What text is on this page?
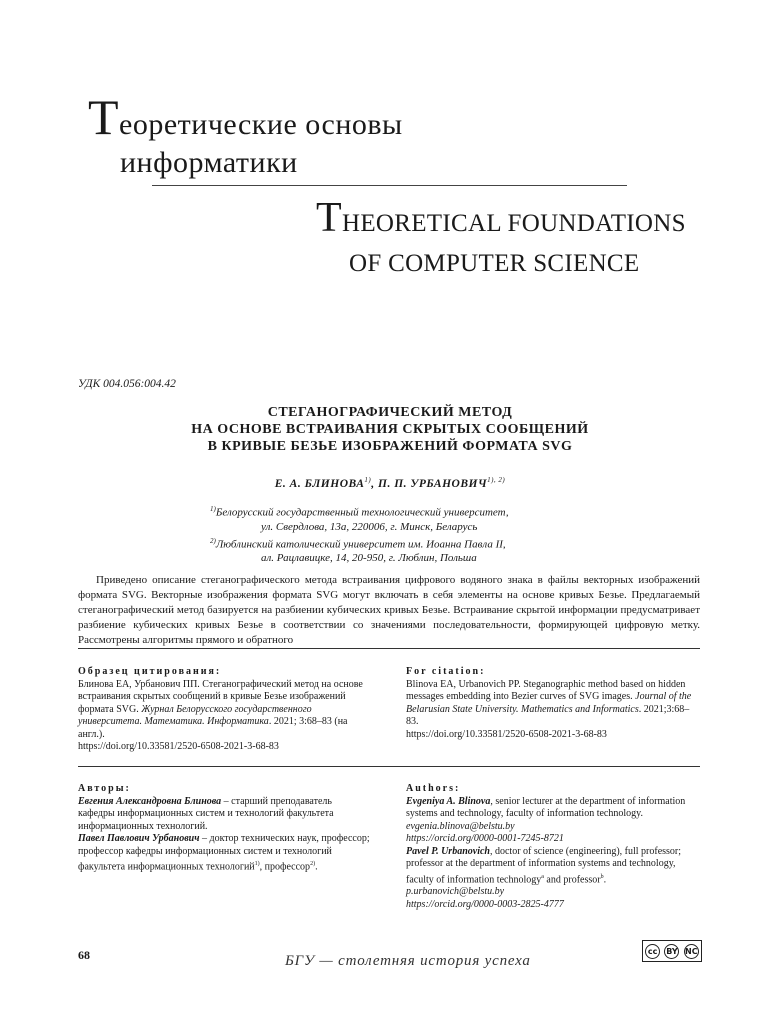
Теоретические основы
информатики
THEORETICAL FOUNDATIONS
OF COMPUTER SCIENCE
УДК 004.056:004.42
СТЕГАНОГРАФИЧЕСКИЙ МЕТОД
НА ОСНОВЕ ВСТРАИВАНИЯ СКРЫТЫХ СООБЩЕНИЙ
В КРИВЫЕ БЕЗЬЕ ИЗОБРАЖЕНИЙ ФОРМАТА SVG
Е. А. БЛИНОВА$^{1)}$, П. П. $УРБАНОВИЧ^{1), 2)}$
$^{1)}$Белорусский государственный технологический университет,
ул. Свердлова, 13а, 220006, г. Минск, Беларусь
$^{2)}$Люблинский католический университет им. Иоанна Павла II,
ал. Рацлавицке, 14, 20-950, г. Люблин, Польша
Приведено описание стеганографического метода встраивания цифрового водяного знака в файлы векторных изображений формата SVG. Векторные изображения формата SVG могут включать в себя элементы на основе кривых Безье. Предлагаемый стеганографический метод базируется на разбиении кубических кривых Безье. Встраивание скрытой информации предусматривает разбиение кубических кривых Безье в соответствии со значениями последовательности, формирующей цифровую метку. Рассмотрены алгоритмы прямого и обратного
Образец цитирования:
Блинова ЕА, Урбанович ПП. Стеганографический метод на основе встраивания скрытых сообщений в кривые Безье изображений формата SVG. Журнал Белорусского государственного университета. Математика. Информатика. 2021; 3:68–83 (на англ.).
https://doi.org/10.33581/2520-6508-2021-3-68-83
For citation:
Blinova EA, Urbanovich PP. Steganographic method based on hidden messages embedding into Bezier curves of SVG images. Journal of the Belarusian State University. Mathematics and Informatics. 2021;3:68–83.
https://doi.org/10.33581/2520-6508-2021-3-68-83
Авторы:
Евгения Александровна Блинова – старший преподаватель кафедры информационных систем и технологий факультета информационных технологий.
Павел Павлович Урбанович – доктор технических наук, профессор; профессор кафедры информационных систем и технологий факультета информационных технологий$^{1)}$, профессор$^{2)}$.
Authors:
Evgeniya A. Blinova, senior lecturer at the department of information systems and technology, faculty of information technology.
evgenia.blinova@belstu.by
https://orcid.org/0000-0001-7245-8721
Pavel P. Urbanovich, doctor of science (engineering), full professor; professor at the department of information systems and technology, faculty of information technology$^a$ and professor$^b$.
p.urbanovich@belstu.by
https://orcid.org/0000-0003-2825-4777
68	БГУ — столетняя история успеха
cc	BY NC
